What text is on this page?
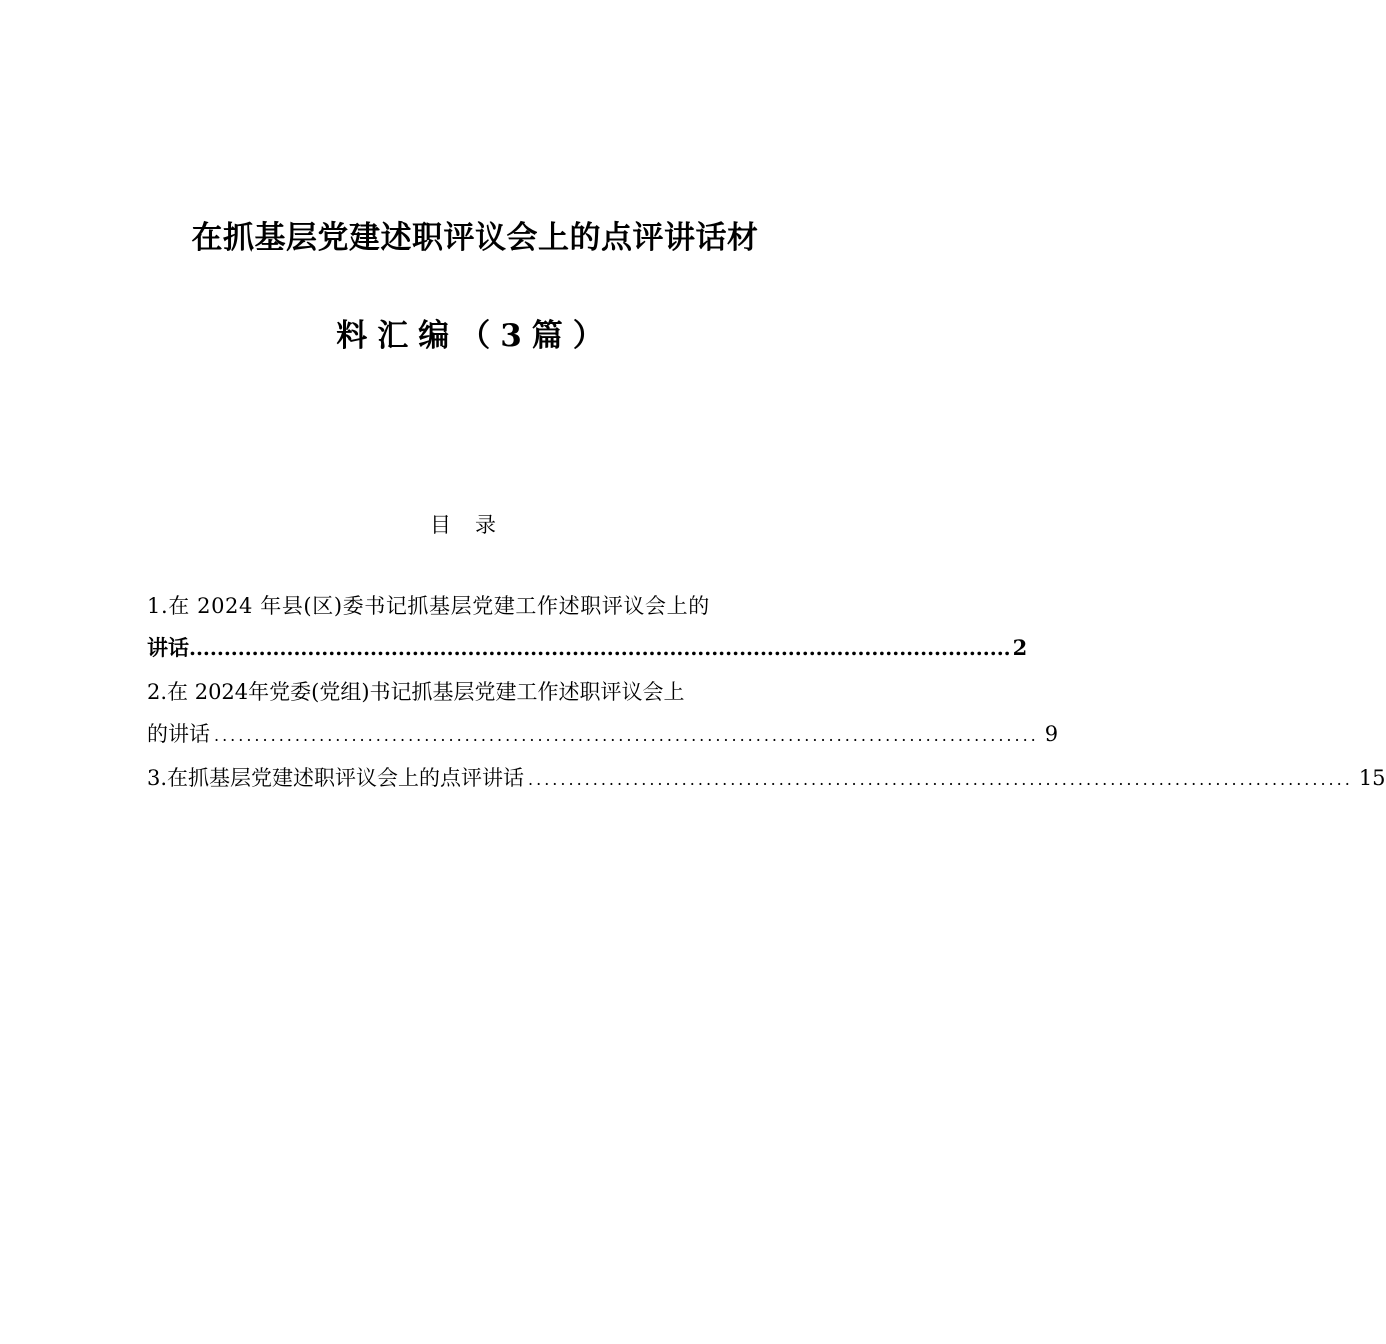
在抓基层党建述职评议会上的点评讲话材
料汇编（3篇）
目录
1.在 2024 年县(区)委书记抓基层党建工作述职评议会上的
讲话 ...................................................................................................................... 2
2.在 2024年党委(党组)书记抓基层党建工作述职评议会上
的讲话 ...................................................................................................... 9
3.在抓基层党建述职评议会上的点评讲话 ...................................................................................................... 15
